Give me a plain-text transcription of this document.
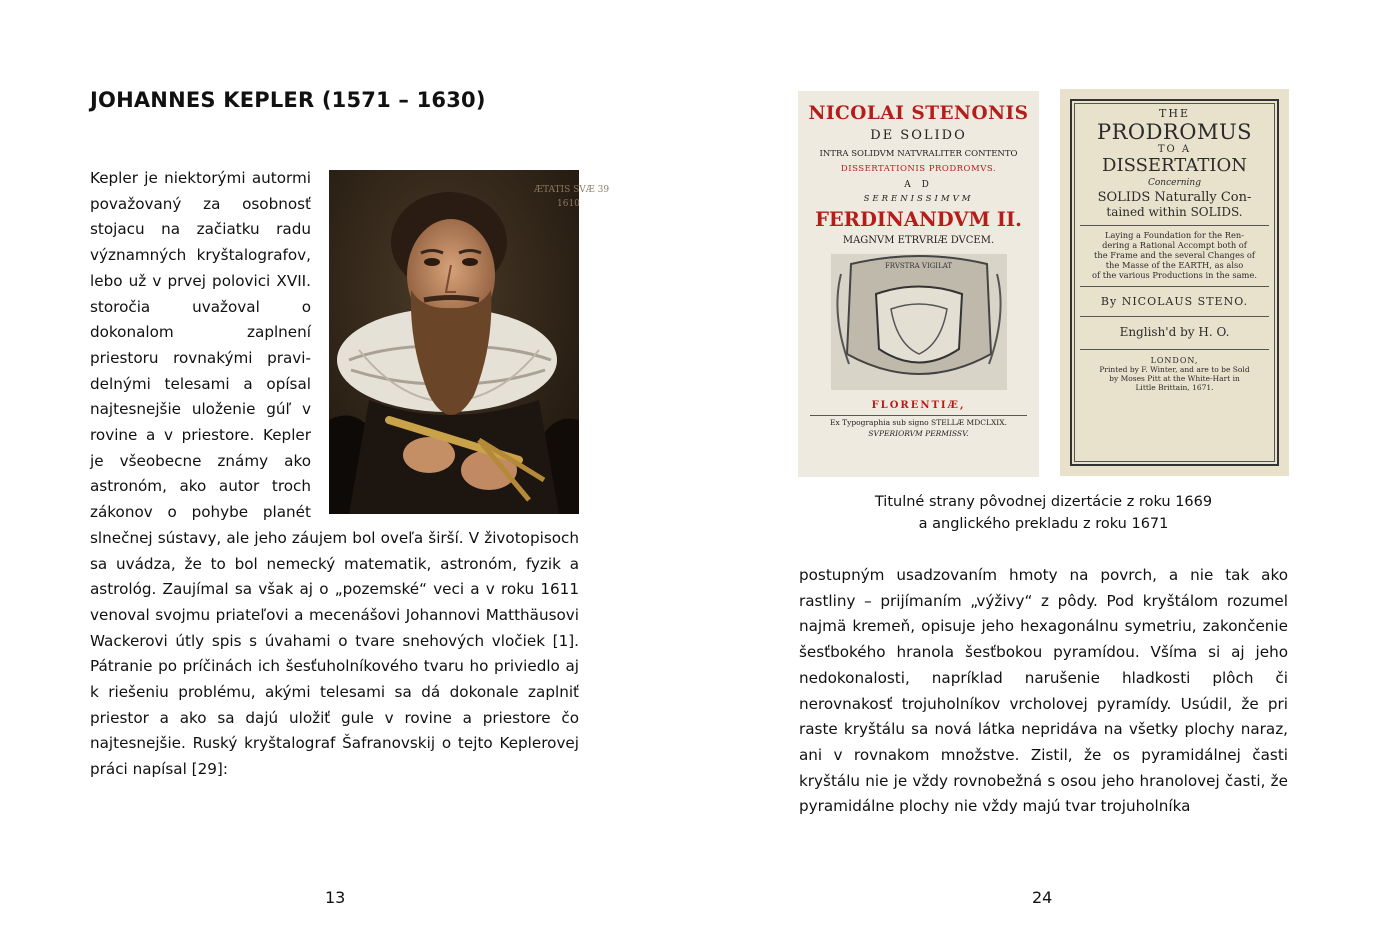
JOHANNES KEPLER (1571 – 1630)
ÆTATIS SVÆ 39
1610

Kepler je niektorými autormi považovaný za osobnosť stojacu na začiatku radu významných kryštalografov, lebo už v prvej polovici XVII. storočia uvažoval o dokonalom zaplnení priestoru rovnakými pravidelnými telesami a opísal najtesnejšie uloženie gúľ v rovine a v priestore. Kepler je všeobecne známy ako astronóm, ako autor troch zákonov o pohybe planét slnečnej sústavy, ale jeho záujem bol oveľa širší. V životopisoch sa uvádza, že to bol nemecký matematik, astronóm, fyzik a astrológ. Zaujímal sa však aj o „pozemské“ veci a v roku 1611 venoval svojmu priateľovi a mecenášovi Johannovi Matthäusovi Wackerovi útly spis s úvahami o tvare snehových vločiek [1]. Pátranie po príčinách ich šesťuholníkového tvaru ho priviedlo aj k riešeniu problému, akými telesami sa dá dokonale zaplniť priestor a ako sa dajú uložiť gule v rovine a priestore čo najtesnejšie. Ruský kryštalograf Šafranovskij o tejto Keplerovej práci napísal [29]:

13
NICOLAI STENONIS
DE SOLIDO
INTRA SOLIDVM NATVRALITER CONTENTO
DISSERTATIONIS PRODROMVS.
A D
SERENISSIMVM
FERDINANDVM II.
MAGNVM ETRVRIÆ DVCEM.
FRVSTRA VIGILAT
FLORENTIÆ,
Ex Typographia sub signo STELLÆ MDCLXIX.
SVPERIORVM PERMISSV.
THE
PRODROMUS
TO A
DISSERTATION
Concerning
SOLIDS Naturally Con-
tained within SOLIDS.
Laying a Foundation for the Ren-
dering a Rational Accompt both of
the Frame and the several Changes of
the Masse of the EARTH, as also
of the various Productions in the same.
By NICOLAUS STENO.
English'd by H. O.
LONDON,
Printed by F. Winter, and are to be Sold
by Moses Pitt at the White-Hart in
Little Brittain, 1671.
Titulné strany pôvodnej dizertácie z roku 1669
a anglického prekladu z roku 1671

postupným usadzovaním hmoty na povrch, a nie tak ako rastliny – prijímaním „výživy“ z pôdy. Pod kryštálom rozumel najmä kremeň, opisuje jeho hexagonálnu symetriu, zakončenie šesťbokého hranola šesťbokou pyramídou. Všíma si aj jeho nedokonalosti, napríklad narušenie hladkosti plôch či nerovnakosť trojuholníkov vrcholovej pyramídy. Usúdil, že pri raste kryštálu sa nová látka nepridáva na všetky plochy naraz, ani v rovnakom množstve. Zistil, že os pyramidálnej časti kryštálu nie je vždy rovnobežná s osou jeho hranolovej časti, že pyramidálne plochy nie vždy majú tvar trojuholníka

24
